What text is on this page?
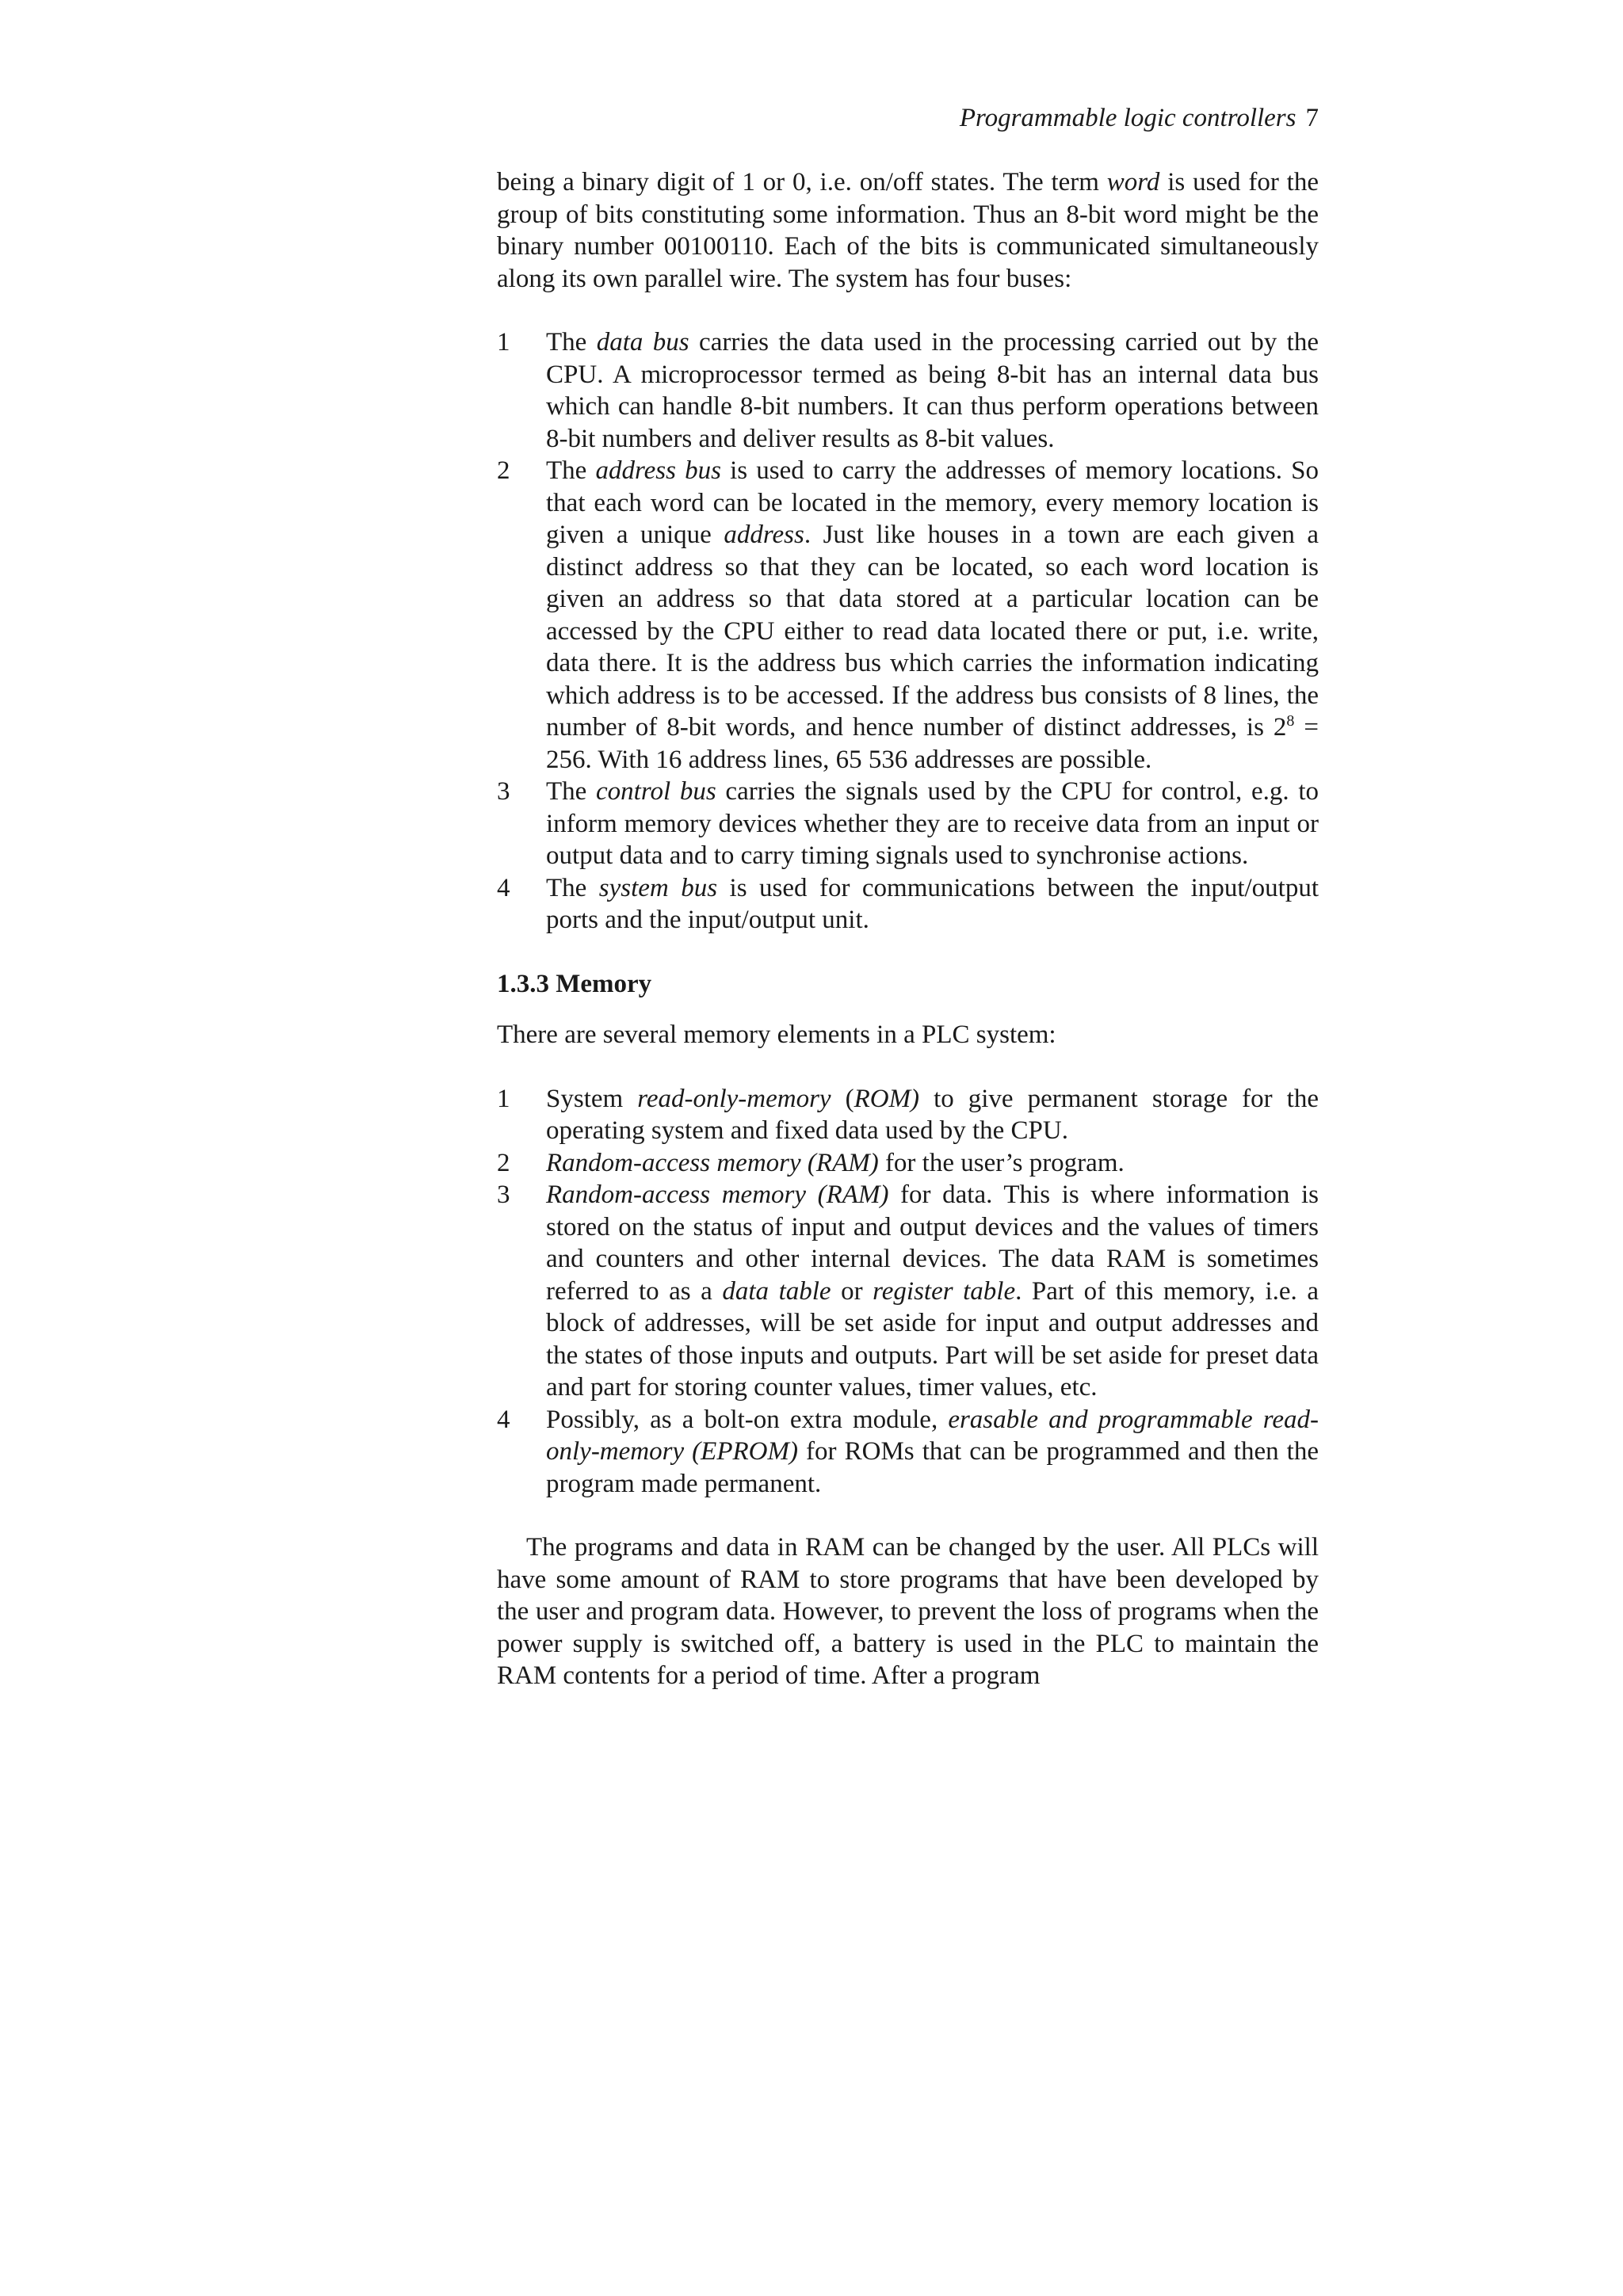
Programmable logic controllers 7

being a binary digit of 1 or 0, i.e. on/off states. The term word is used for the group of bits constituting some information. Thus an 8-bit word might be the binary number 00100110. Each of the bits is communicated simultaneously along its own parallel wire. The system has four buses:

1 The data bus carries the data used in the processing carried out by the CPU. A microprocessor termed as being 8-bit has an internal data bus which can handle 8-bit numbers. It can thus perform operations between 8-bit numbers and deliver results as 8-bit values.
2 The address bus is used to carry the addresses of memory locations. So that each word can be located in the memory, every memory location is given a unique address. Just like houses in a town are each given a distinct address so that they can be located, so each word location is given an address so that data stored at a particular location can be accessed by the CPU either to read data located there or put, i.e. write, data there. It is the address bus which carries the information indicating which address is to be accessed. If the address bus consists of 8 lines, the number of 8-bit words, and hence number of distinct addresses, is $2^8 = 256$. With 16 address lines, 65 536 addresses are possible.
3 The control bus carries the signals used by the CPU for control, e.g. to inform memory devices whether they are to receive data from an input or output data and to carry timing signals used to synchronise actions.
4 The system bus is used for communications between the input/output ports and the input/output unit.
1.3.3 Memory

There are several memory elements in a PLC system:

1 System read-only-memory (ROM) to give permanent storage for the operating system and fixed data used by the CPU.
2 Random-access memory (RAM) for the user’s program.
3 Random-access memory (RAM) for data. This is where information is stored on the status of input and output devices and the values of timers and counters and other internal devices. The data RAM is sometimes referred to as a data table or register table. Part of this memory, i.e. a block of addresses, will be set aside for input and output addresses and the states of those inputs and outputs. Part will be set aside for preset data and part for storing counter values, timer values, etc.
4 Possibly, as a bolt-on extra module, erasable and programmable read-only-memory (EPROM) for ROMs that can be programmed and then the program made permanent.

The programs and data in RAM can be changed by the user. All PLCs will have some amount of RAM to store programs that have been developed by the user and program data. However, to prevent the loss of programs when the power supply is switched off, a battery is used in the PLC to maintain the RAM contents for a period of time. After a program
